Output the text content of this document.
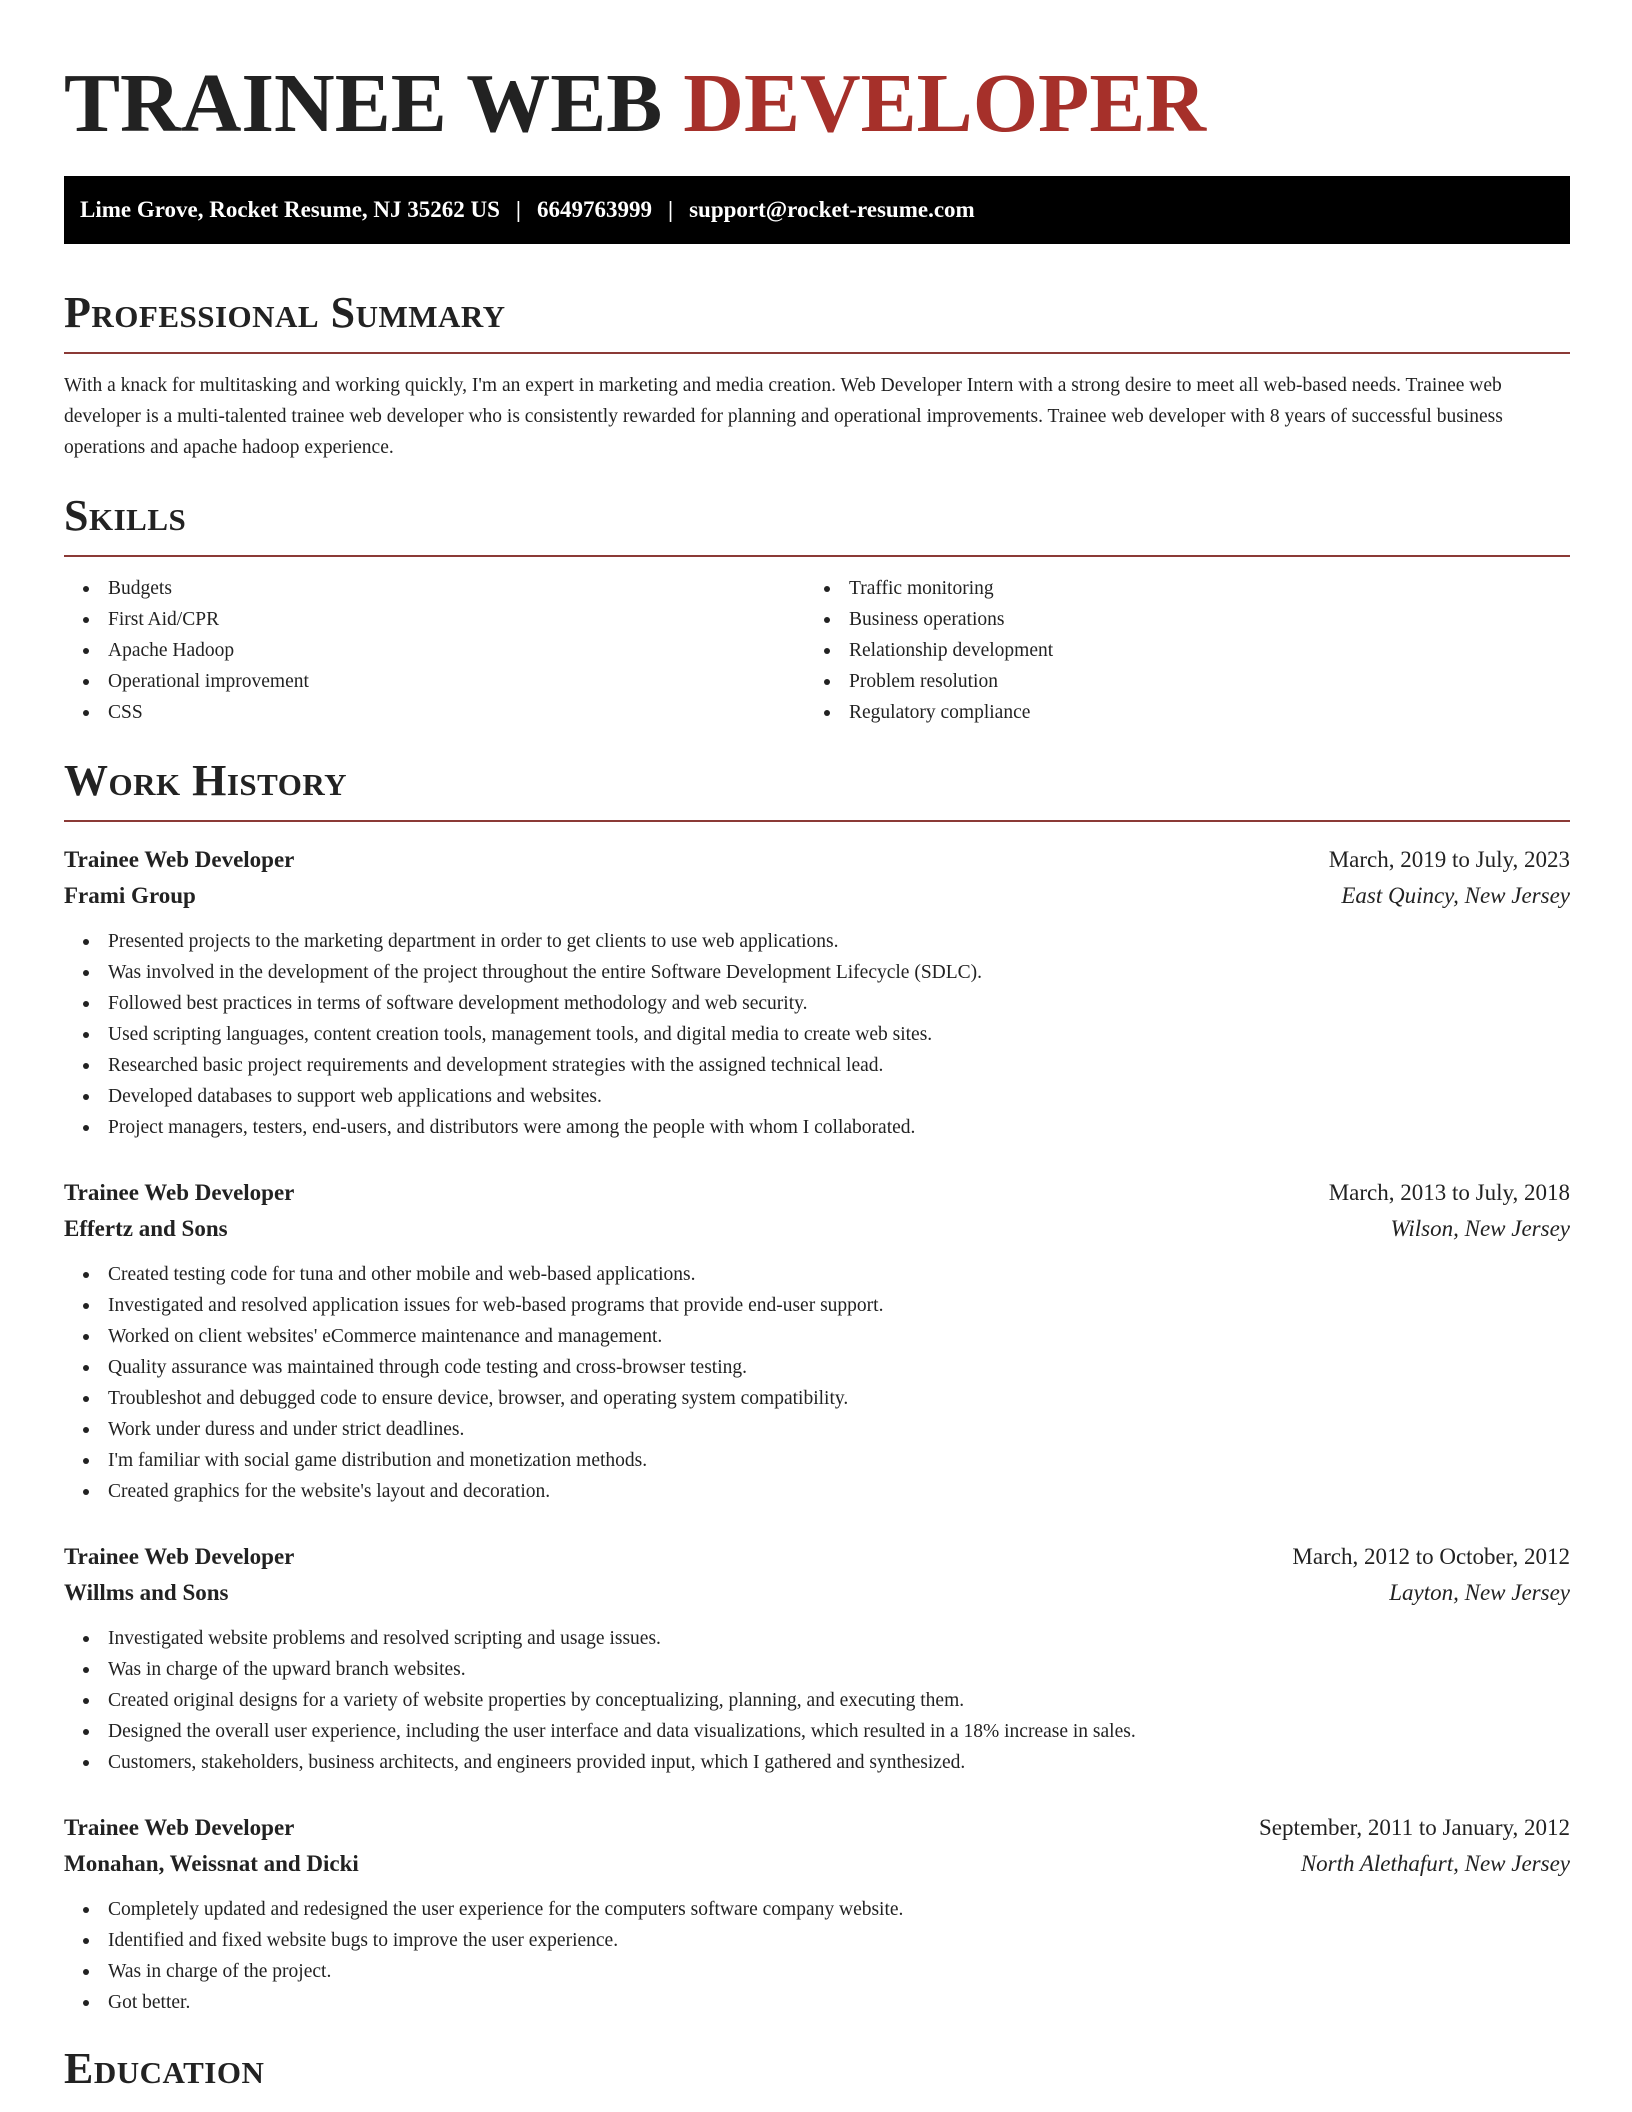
TRAINEE WEB DEVELOPER
Lime Grove, Rocket Resume, NJ 35262 US | 6649763999 | support@rocket-resume.com
Professional Summary

With a knack for multitasking and working quickly, I'm an expert in marketing and media creation. Web Developer Intern with a strong desire to meet all web-based needs. Trainee web developer is a multi-talented trainee web developer who is consistently rewarded for planning and operational improvements. Trainee web developer with 8 years of successful business operations and apache hadoop experience.

Skills
Budgets
First Aid/CPR
Apache Hadoop
Operational improvement
CSS
Traffic monitoring
Business operations
Relationship development
Problem resolution
Regulatory compliance
Work History
Trainee Web Developer	March, 2019 to July, 2023
Frami Group	East Quincy, New Jersey
Presented projects to the marketing department in order to get clients to use web applications.
Was involved in the development of the project throughout the entire Software Development Lifecycle (SDLC).
Followed best practices in terms of software development methodology and web security.
Used scripting languages, content creation tools, management tools, and digital media to create web sites.
Researched basic project requirements and development strategies with the assigned technical lead.
Developed databases to support web applications and websites.
Project managers, testers, end-users, and distributors were among the people with whom I collaborated.
Trainee Web Developer	March, 2013 to July, 2018
Effertz and Sons	Wilson, New Jersey
Created testing code for tuna and other mobile and web-based applications.
Investigated and resolved application issues for web-based programs that provide end-user support.
Worked on client websites' eCommerce maintenance and management.
Quality assurance was maintained through code testing and cross-browser testing.
Troubleshot and debugged code to ensure device, browser, and operating system compatibility.
Work under duress and under strict deadlines.
I'm familiar with social game distribution and monetization methods.
Created graphics for the website's layout and decoration.
Trainee Web Developer	March, 2012 to October, 2012
Willms and Sons	Layton, New Jersey
Investigated website problems and resolved scripting and usage issues.
Was in charge of the upward branch websites.
Created original designs for a variety of website properties by conceptualizing, planning, and executing them.
Designed the overall user experience, including the user interface and data visualizations, which resulted in a 18% increase in sales.
Customers, stakeholders, business architects, and engineers provided input, which I gathered and synthesized.
Trainee Web Developer	September, 2011 to January, 2012
Monahan, Weissnat and Dicki	North Alethafurt, New Jersey
Completely updated and redesigned the user experience for the computers software company website.
Identified and fixed website bugs to improve the user experience.
Was in charge of the project.
Got better.
Education
